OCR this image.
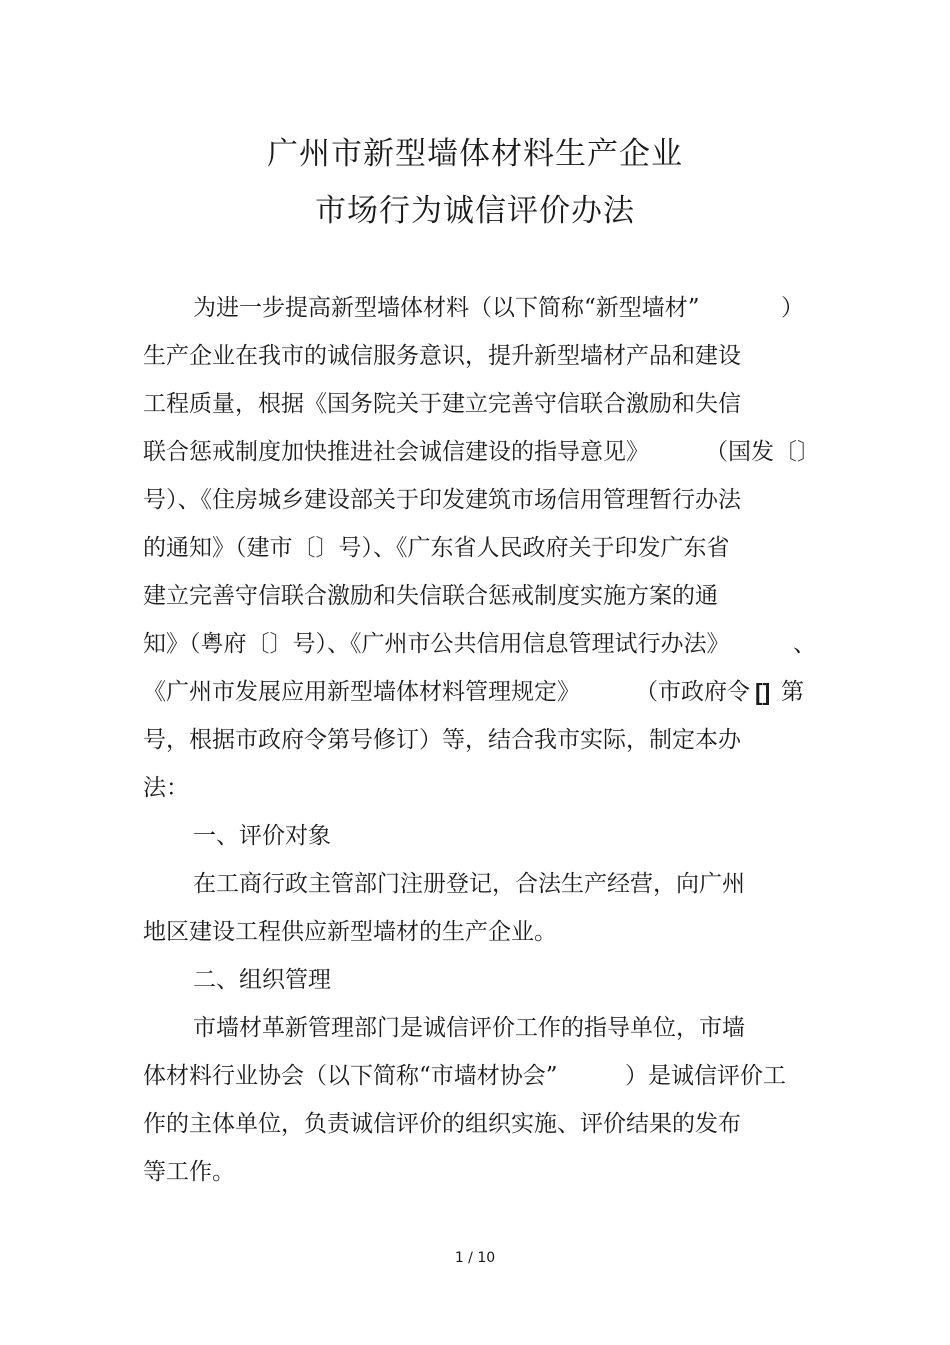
广州市新型墙体材料生产企业
市场行为诚信评价办法
为进一步提高新型墙体材料（以下简称“新型墙材”	）
生产企业在我市的诚信服务意识，提升新型墙材产品和建设
工程质量，根据《国务院关于建立完善守信联合激励和失信
联合惩戒制度加快推进社会诚信建设的指导意见》 （国发〔〕
号）、《住房城乡建设部关于印发建筑市场信用管理暂行办法
的通知》（建市〔〕号）、《广东省人民政府关于印发广东省
建立完善守信联合激励和失信联合惩戒制度实施方案的通
知》（粤府〔〕号）、《广州市公共信用信息管理试行办法》	、
《广州市发展应用新型墙体材料管理规定》 （市政府令 [] 第
号，根据市政府令第号修订）等，结合我市实际，制定本办
法：
一、评价对象
在工商行政主管部门注册登记，合法生产经营，向广州
地区建设工程供应新型墙材的生产企业。
二、组织管理
市墙材革新管理部门是诚信评价工作的指导单位，市墙
体材料行业协会（以下简称“市墙材协会”	）是诚信评价工
作的主体单位，负责诚信评价的组织实施、评价结果的发布
等工作。
1 / 10
